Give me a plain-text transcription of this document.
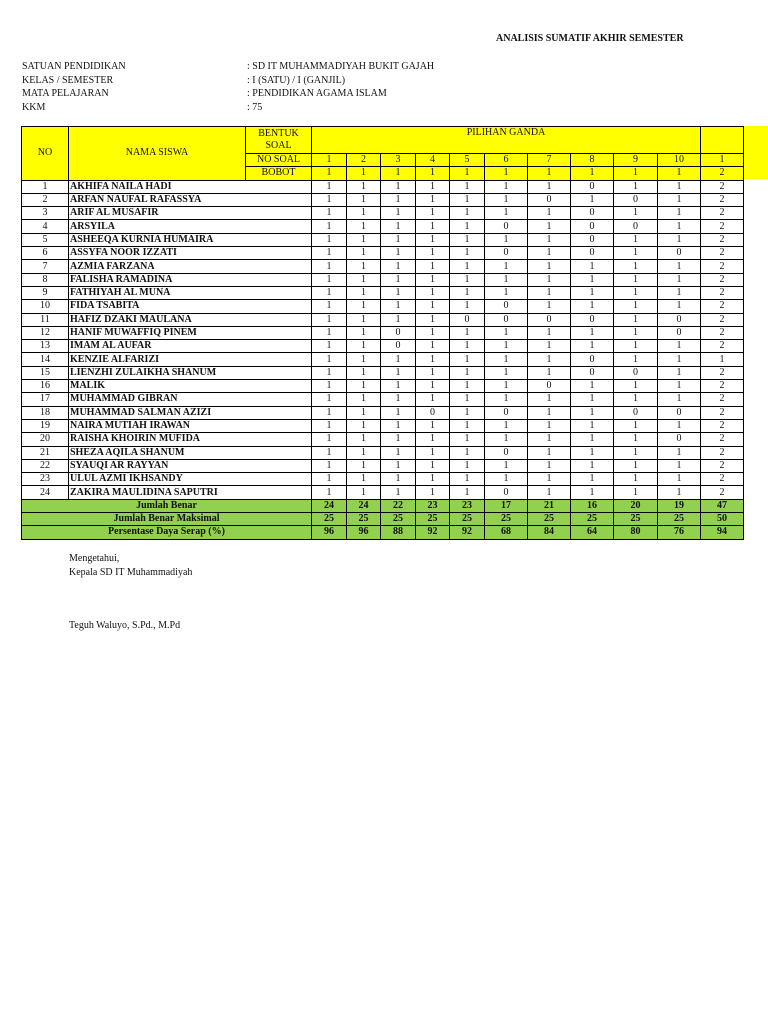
ANALISIS SUMATIF AKHIR SEMESTER
SATUAN PENDIDIKAN	: SD IT MUHAMMADIYAH BUKIT GAJAH
KELAS / SEMESTER	: I (SATU) / I (GANJIL)
MATA PELAJARAN	: PENDIDIKAN AGAMA ISLAM
KKM	: 75
NO	NAMA SISWA	BENTUK SOAL	PILIHAN GANDA										
		NO SOAL	1	2	3	4	5	6	7	8	9	10	1
		BOBOT	1	1	1	1	1	1	1	1	1	1	2
1	AKHIFA NAILA HADI		1	1	1	1	1	1	1	0	1	1	2
2	ARFAN NAUFAL RAFASSYA		1	1	1	1	1	1	0	1	0	1	2
3	ARIF AL MUSAFIR		1	1	1	1	1	1	1	0	1	1	2
4	ARSYILA		1	1	1	1	1	0	1	0	0	1	2
5	ASHEEQA KURNIA HUMAIRA		1	1	1	1	1	1	1	0	1	1	2
6	ASSYFA NOOR IZZATI		1	1	1	1	1	0	1	0	1	0	2
7	AZMIA FARZANA		1	1	1	1	1	1	1	1	1	1	2
8	FALISHA RAMADINA		1	1	1	1	1	1	1	1	1	1	2
9	FATHIYAH AL MUNA		1	1	1	1	1	1	1	1	1	1	2
10	FIDA TSABITA		1	1	1	1	1	0	1	1	1	1	2
11	HAFIZ DZAKI MAULANA		1	1	1	1	0	0	0	0	1	0	2
12	HANIF MUWAFFIQ PINEM		1	1	0	1	1	1	1	1	1	0	2
13	IMAM AL AUFAR		1	1	0	1	1	1	1	1	1	1	2
14	KENZIE ALFARIZI		1	1	1	1	1	1	1	0	1	1	1
15	LIENZHI ZULAIKHA SHANUM		1	1	1	1	1	1	1	0	0	1	2
16	MALIK		1	1	1	1	1	1	0	1	1	1	2
17	MUHAMMAD GIBRAN		1	1	1	1	1	1	1	1	1	1	2
18	MUHAMMAD SALMAN AZIZI		1	1	1	0	1	0	1	1	0	0	2
19	NAIRA MUTIAH IRAWAN		1	1	1	1	1	1	1	1	1	1	2
20	RAISHA KHOIRIN MUFIDA		1	1	1	1	1	1	1	1	1	0	2
21	SHEZA AQILA SHANUM		1	1	1	1	1	0	1	1	1	1	2
22	SYAUQI AR RAYYAN		1	1	1	1	1	1	1	1	1	1	2
23	ULUL AZMI IKHSANDY		1	1	1	1	1	1	1	1	1	1	2
24	ZAKIRA MAULIDINA SAPUTRI		1	1	1	1	1	0	1	1	1	1	2
Jumlah Benar			24	24	22	23	23	17	21	16	20	19	47
Jumlah Benar Maksimal			25	25	25	25	25	25	25	25	25	25	50
Persentase Daya Serap (%)			96	96	88	92	92	68	84	64	80	76	94
Mengetahui,
Kepala SD IT Muhammadiyah
Teguh Waluyo, S.Pd., M.Pd
